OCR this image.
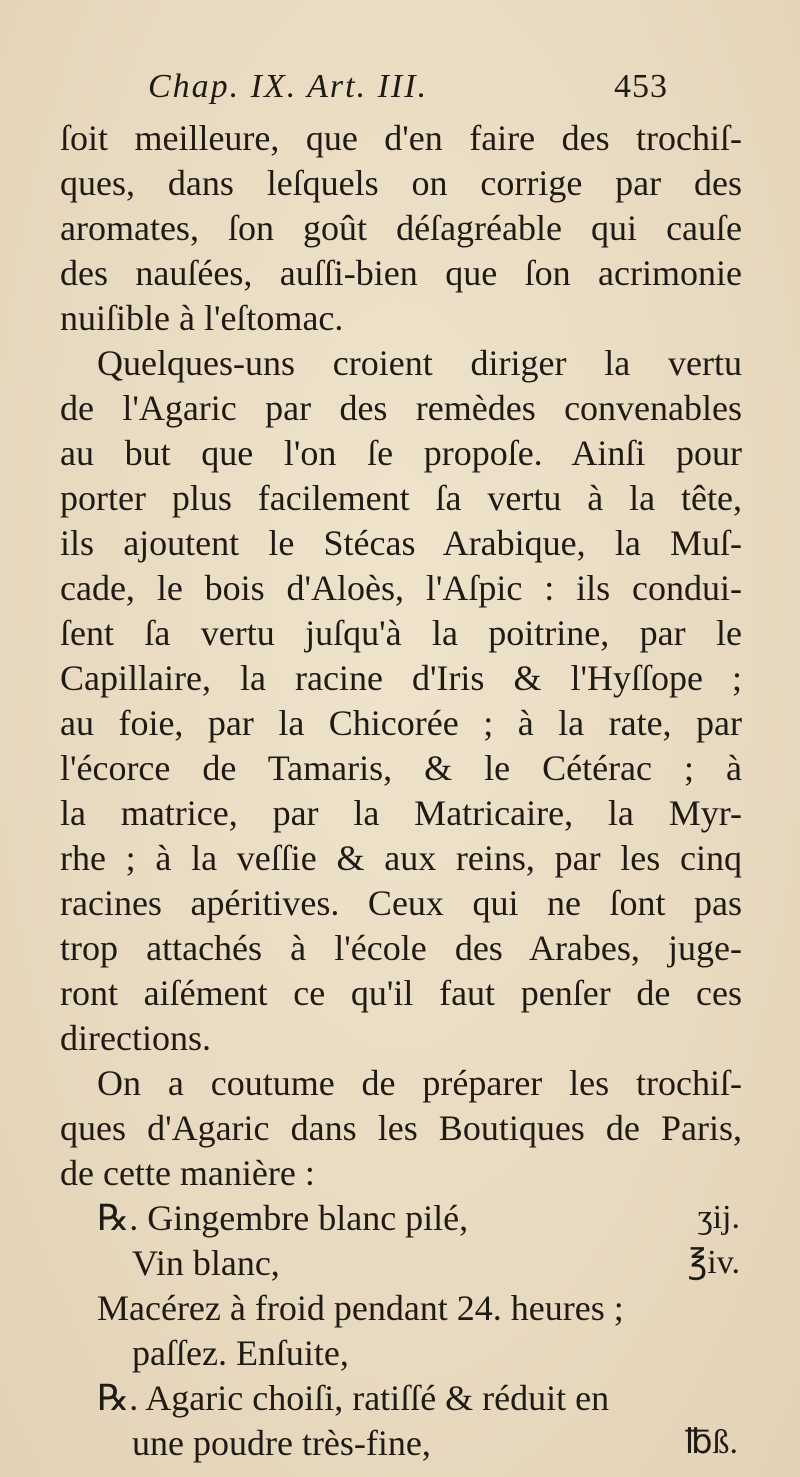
Chap. IX. Art. III.	453
ſoit meilleure, que d'en faire des trochiſ-
ques, dans leſquels on corrige par des
aromates, ſon goût déſagréable qui cauſe
des nauſées, auſſi-bien que ſon acrimonie
nuiſible à l'eſtomac.
Quelques-uns croient diriger la vertu
de l'Agaric par des remèdes convenables
au but que l'on ſe propoſe. Ainſi pour
porter plus facilement ſa vertu à la tête,
ils ajoutent le Stécas Arabique, la Muſ-
cade, le bois d'Aloès, l'Aſpic : ils condui-
ſent ſa vertu juſqu'à la poitrine, par le
Capillaire, la racine d'Iris & l'Hyſſope ;
au foie, par la Chicorée ; à la rate, par
l'écorce de Tamaris, & le Cétérac ; à
la matrice, par la Matricaire, la Myr-
rhe ; à la veſſie & aux reins, par les cinq
racines apéritives. Ceux qui ne ſont pas
trop attachés à l'école des Arabes, juge-
ront aiſément ce qu'il faut penſer de ces
directions.
On a coutume de préparer les trochiſ-
ques d'Agaric dans les Boutiques de Paris,
de cette manière :
℞. Gingembre blanc pilé,	ʒij.
Vin blanc,	℥iv.
Macérez à froid pendant 24. heures ;
paſſez. Enſuite,
℞. Agaric choiſi, ratiſſé & réduit en
une poudre très-fine,	℔ß.
